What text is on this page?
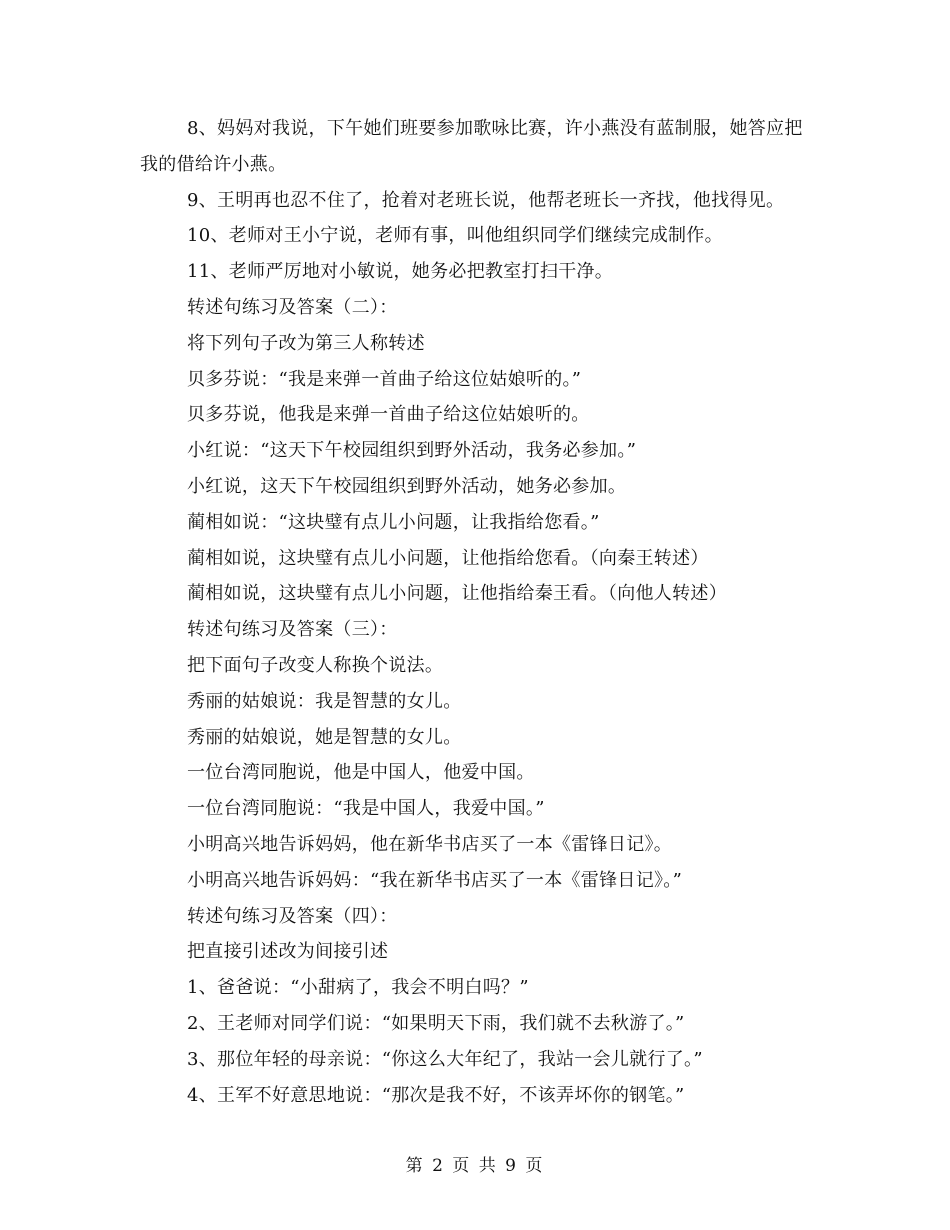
8、妈妈对我说，下午她们班要参加歌咏比赛，许小燕没有蓝制服，她答应把我的借给许小燕。
9、王明再也忍不住了，抢着对老班长说，他帮老班长一齐找，他找得见。
10、老师对王小宁说，老师有事，叫他组织同学们继续完成制作。
11、老师严厉地对小敏说，她务必把教室打扫干净。
转述句练习及答案（二）：
将下列句子改为第三人称转述
贝多芬说：“我是来弹一首曲子给这位姑娘听的。”
贝多芬说，他我是来弹一首曲子给这位姑娘听的。
小红说：“这天下午校园组织到野外活动，我务必参加。”
小红说，这天下午校园组织到野外活动，她务必参加。
蔺相如说：“这块璧有点儿小问题，让我指给您看。”
蔺相如说，这块璧有点儿小问题，让他指给您看。（向秦王转述）
蔺相如说，这块璧有点儿小问题，让他指给秦王看。（向他人转述）
转述句练习及答案（三）：
把下面句子改变人称换个说法。
秀丽的姑娘说：我是智慧的女儿。
秀丽的姑娘说，她是智慧的女儿。
一位台湾同胞说，他是中国人，他爱中国。
一位台湾同胞说：“我是中国人，我爱中国。”
小明高兴地告诉妈妈，他在新华书店买了一本《雷锋日记》。
小明高兴地告诉妈妈：“我在新华书店买了一本《雷锋日记》。”
转述句练习及答案（四）：
把直接引述改为间接引述
1、爸爸说：“小甜病了，我会不明白吗？”
2、王老师对同学们说：“如果明天下雨，我们就不去秋游了。”
3、那位年轻的母亲说：“你这么大年纪了，我站一会儿就行了。”
4、王军不好意思地说：“那次是我不好，不该弄坏你的钢笔。”
第 2 页 共 9 页
